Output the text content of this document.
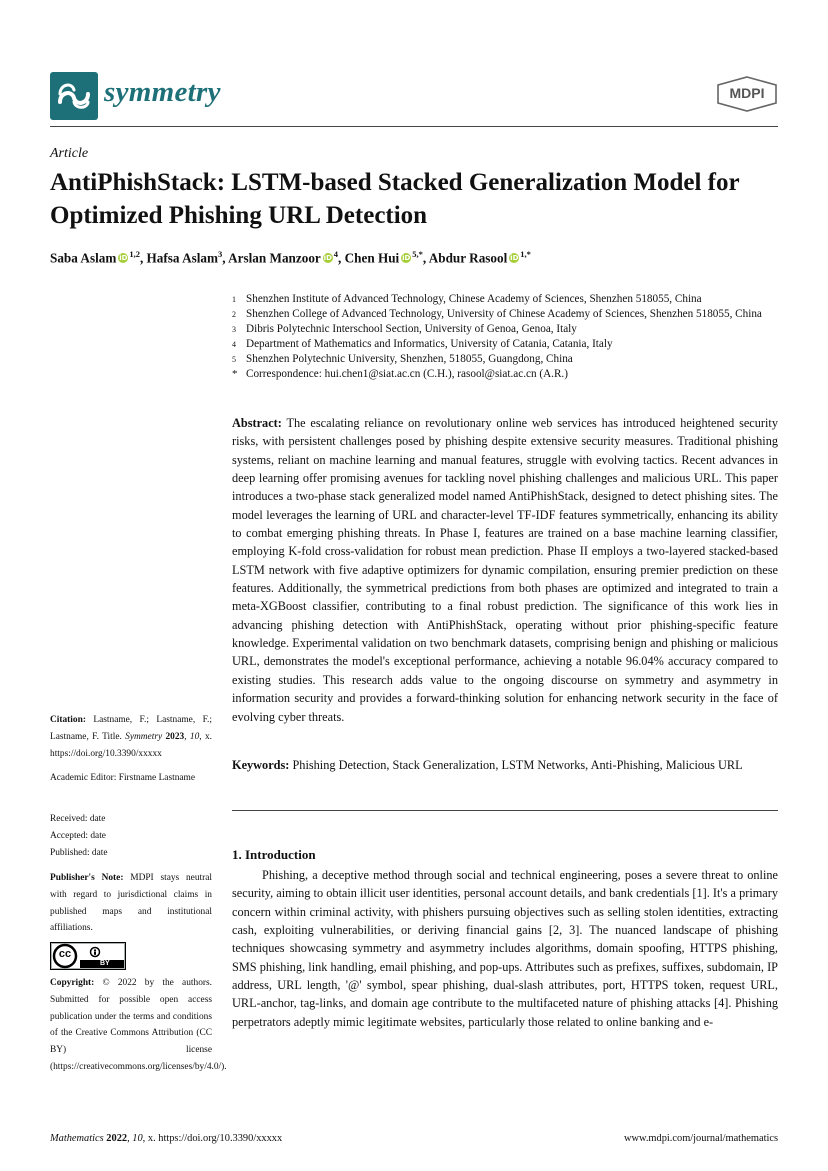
symmetry	MDPI
Article
AntiPhishStack: LSTM-based Stacked Generalization Model for Optimized Phishing URL Detection
Saba Aslam iD $^{1,2}$, Hafsa Aslam$^3$, Arslan Manzoor iD $^4$, Chen Hui iD $^{5,*}$, Abdur Rasool iD $^{1,*}$
1 Shenzhen Institute of Advanced Technology, Chinese Academy of Sciences, Shenzhen 518055, China
2 Shenzhen College of Advanced Technology, University of Chinese Academy of Sciences, Shenzhen 518055, China
3 Dibris Polytechnic Interschool Section, University of Genoa, Genoa, Italy
4 Department of Mathematics and Informatics, University of Catania, Catania, Italy
5 Shenzhen Polytechnic University, Shenzhen, 518055, Guangdong, China
* Correspondence: hui.chen1@siat.ac.cn (C.H.), rasool@siat.ac.cn (A.R.)

Abstract: The escalating reliance on revolutionary online web services has introduced heightened security risks, with persistent challenges posed by phishing despite extensive security measures. Traditional phishing systems, reliant on machine learning and manual features, struggle with evolving tactics. Recent advances in deep learning offer promising avenues for tackling novel phishing challenges and malicious URL. This paper introduces a two-phase stack generalized model named AntiPhishStack, designed to detect phishing sites. The model leverages the learning of URL and character-level TF-IDF features symmetrically, enhancing its ability to combat emerging phishing threats. In Phase I, features are trained on a base machine learning classifier, employing K-fold cross-validation for robust mean prediction. Phase II employs a two-layered stacked-based LSTM network with five adaptive optimizers for dynamic compilation, ensuring premier prediction on these features. Additionally, the symmetrical predictions from both phases are optimized and integrated to train a meta-XGBoost classifier, contributing to a final robust prediction. The significance of this work lies in advancing phishing detection with AntiPhishStack, operating without prior phishing-specific feature knowledge. Experimental validation on two benchmark datasets, comprising benign and phishing or malicious URL, demonstrates the model's exceptional performance, achieving a notable 96.04% accuracy compared to existing studies. This research adds value to the ongoing discourse on symmetry and asymmetry in information security and provides a forward-thinking solution for enhancing network security in the face of evolving cyber threats.

Keywords: Phishing Detection, Stack Generalization, LSTM Networks, Anti-Phishing, Malicious URL

1. Introduction

Phishing, a deceptive method through social and technical engineering, poses a severe threat to online security, aiming to obtain illicit user identities, personal account details, and bank credentials [1]. It's a primary concern within criminal activity, with phishers pursuing objectives such as selling stolen identities, extracting cash, exploiting vulnerabilities, or deriving financial gains [2, 3]. The nuanced landscape of phishing techniques showcasing symmetry and asymmetry includes algorithms, domain spoofing, HTTPS phishing, SMS phishing, link handling, email phishing, and pop-ups. Attributes such as prefixes, suffixes, subdomain, IP address, URL length, '@' symbol, spear phishing, dual-slash attributes, port, HTTPS token, request URL, URL-anchor, tag-links, and domain age contribute to the multifaceted nature of phishing attacks [4]. Phishing perpetrators adeptly mimic legitimate websites, particularly those related to online banking and e-

Citation: Lastname, F.; Lastname, F.; Lastname, F. Title. Symmetry 2023, 10, x. https://doi.org/10.3390/xxxxx

Academic Editor: Firstname Lastname

Received: date
Accepted: date
Published: date

Publisher's Note: MDPI stays neutral with regard to jurisdictional claims in published maps and institutional affiliations.

cc
BY

Copyright: © 2022 by the authors. Submitted for possible open access publication under the terms and conditions of the Creative Commons Attribution (CC BY) license (https://creativecommons.org/licenses/by/4.0/).

Mathematics 2022, 10, x. https://doi.org/10.3390/xxxxx	www.mdpi.com/journal/mathematics
